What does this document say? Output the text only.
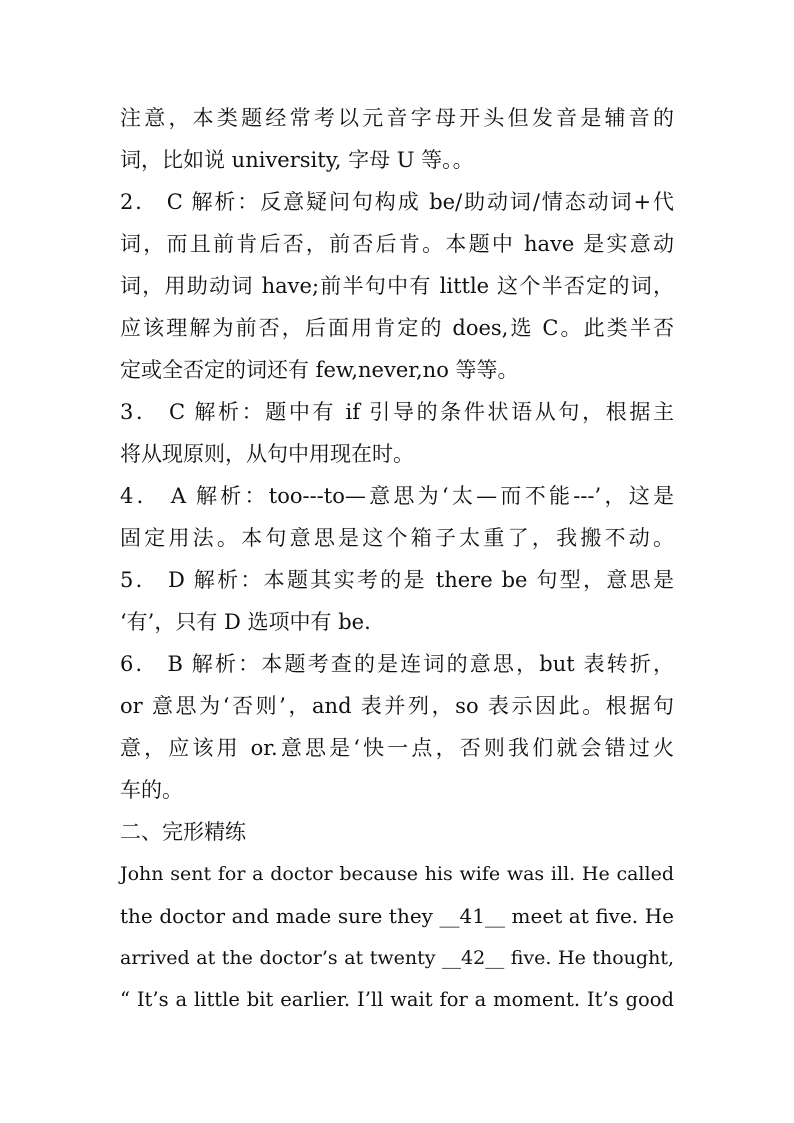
注意，本类题经常考以元音字母开头但发音是辅音的
词，比如说 university, 字母 U 等。。
2． C 解析：反意疑问句构成 be/助动词/情态动词+代
词，而且前肯后否，前否后肯。本题中 have 是实意动
词，用助动词 have;前半句中有 little 这个半否定的词，
应该理解为前否，后面用肯定的 does,选 C。此类半否
定或全否定的词还有 few,never,no 等等。
3． C 解析：题中有 if 引导的条件状语从句，根据主
将从现原则，从句中用现在时。
4． A 解析：too---to—意思为‘太—而不能---’，这是
固定用法。本句意思是这个箱子太重了，我搬不动。
5． D 解析：本题其实考的是 there be 句型，意思是
‘有’，只有 D 选项中有 be.
6． B 解析：本题考查的是连词的意思，but 表转折，
or 意思为‘否则’，and 表并列，so 表示因此。根据句
意，应该用 or.意思是‘快一点，否则我们就会错过火
车的。
二、完形精练
John sent for a doctor because his wife was ill. He called
the doctor and made sure they __41__ meet at five. He
arrived at the doctor’s at twenty __42__ five. He thought,
“ It’s a little bit earlier. I’ll wait for a moment. It’s good
